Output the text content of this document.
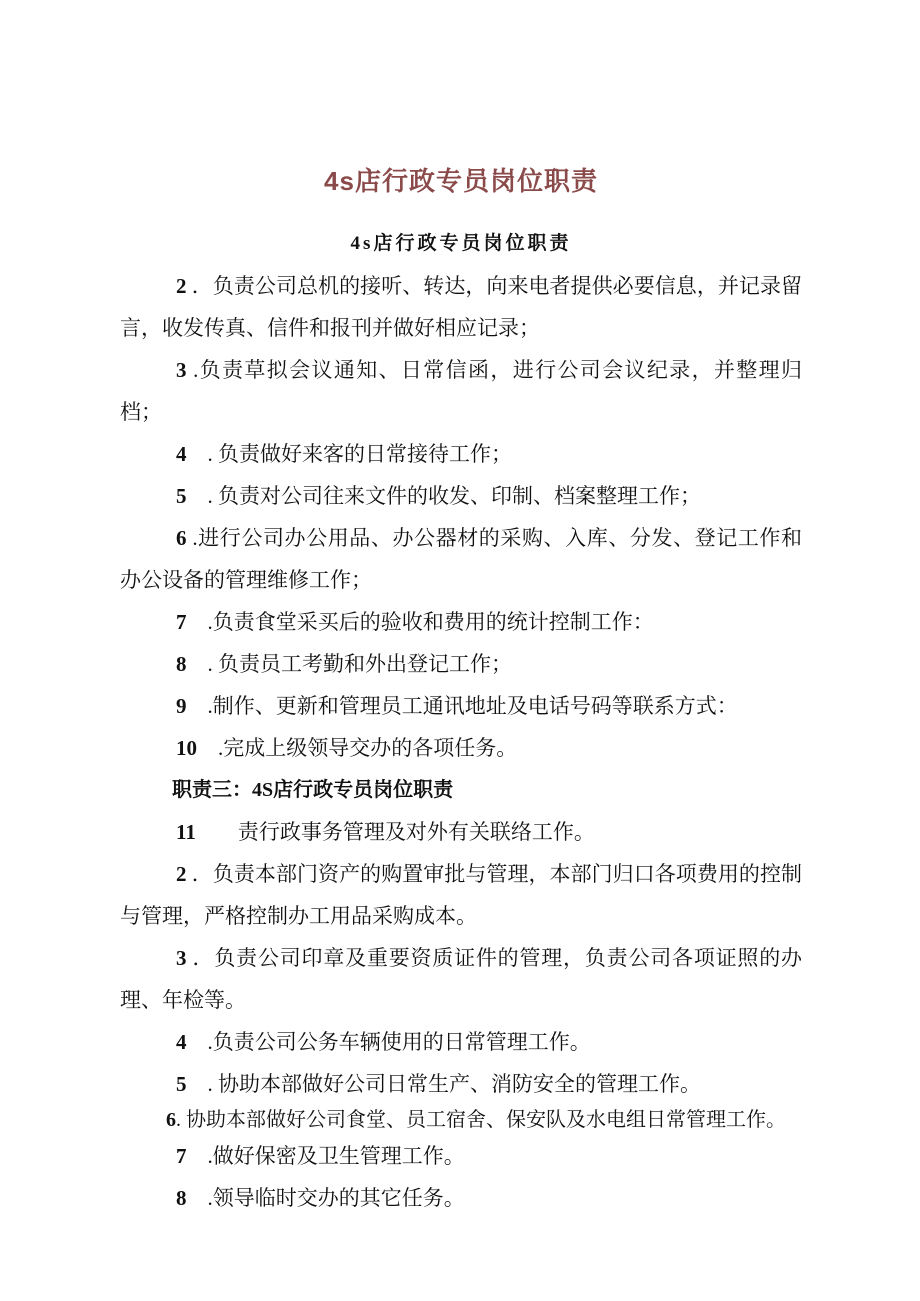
4s店行政专员岗位职责
4s店行政专员岗位职责

2 ．负责公司总机的接听、转达，向来电者提供必要信息，并记录留言，收发传真、信件和报刊并做好相应记录；

3 .负责草拟会议通知、日常信函，进行公司会议纪录，并整理归档；

4　. 负责做好来客的日常接待工作；

5　. 负责对公司往来文件的收发、印制、档案整理工作；

6 .进行公司办公用品、办公器材的采购、入库、分发、登记工作和办公设备的管理维修工作；

7　.负责食堂采买后的验收和费用的统计控制工作：

8　. 负责员工考勤和外出登记工作；

9　.制作、更新和管理员工通讯地址及电话号码等联系方式：

10　.完成上级领导交办的各项任务。

职责三：4S店行政专员岗位职责

11　　 责行政事务管理及对外有关联络工作。

2 ．负责本部门资产的购置审批与管理，本部门归口各项费用的控制与管理，严格控制办工用品采购成本。

3 ．负责公司印章及重要资质证件的管理，负责公司各项证照的办理、年检等。

4　.负责公司公务车辆使用的日常管理工作。

5　. 协助本部做好公司日常生产、消防安全的管理工作。

6. 协助本部做好公司食堂、员工宿舍、保安队及水电组日常管理工作。

7　.做好保密及卫生管理工作。

8　.领导临时交办的其它任务。
